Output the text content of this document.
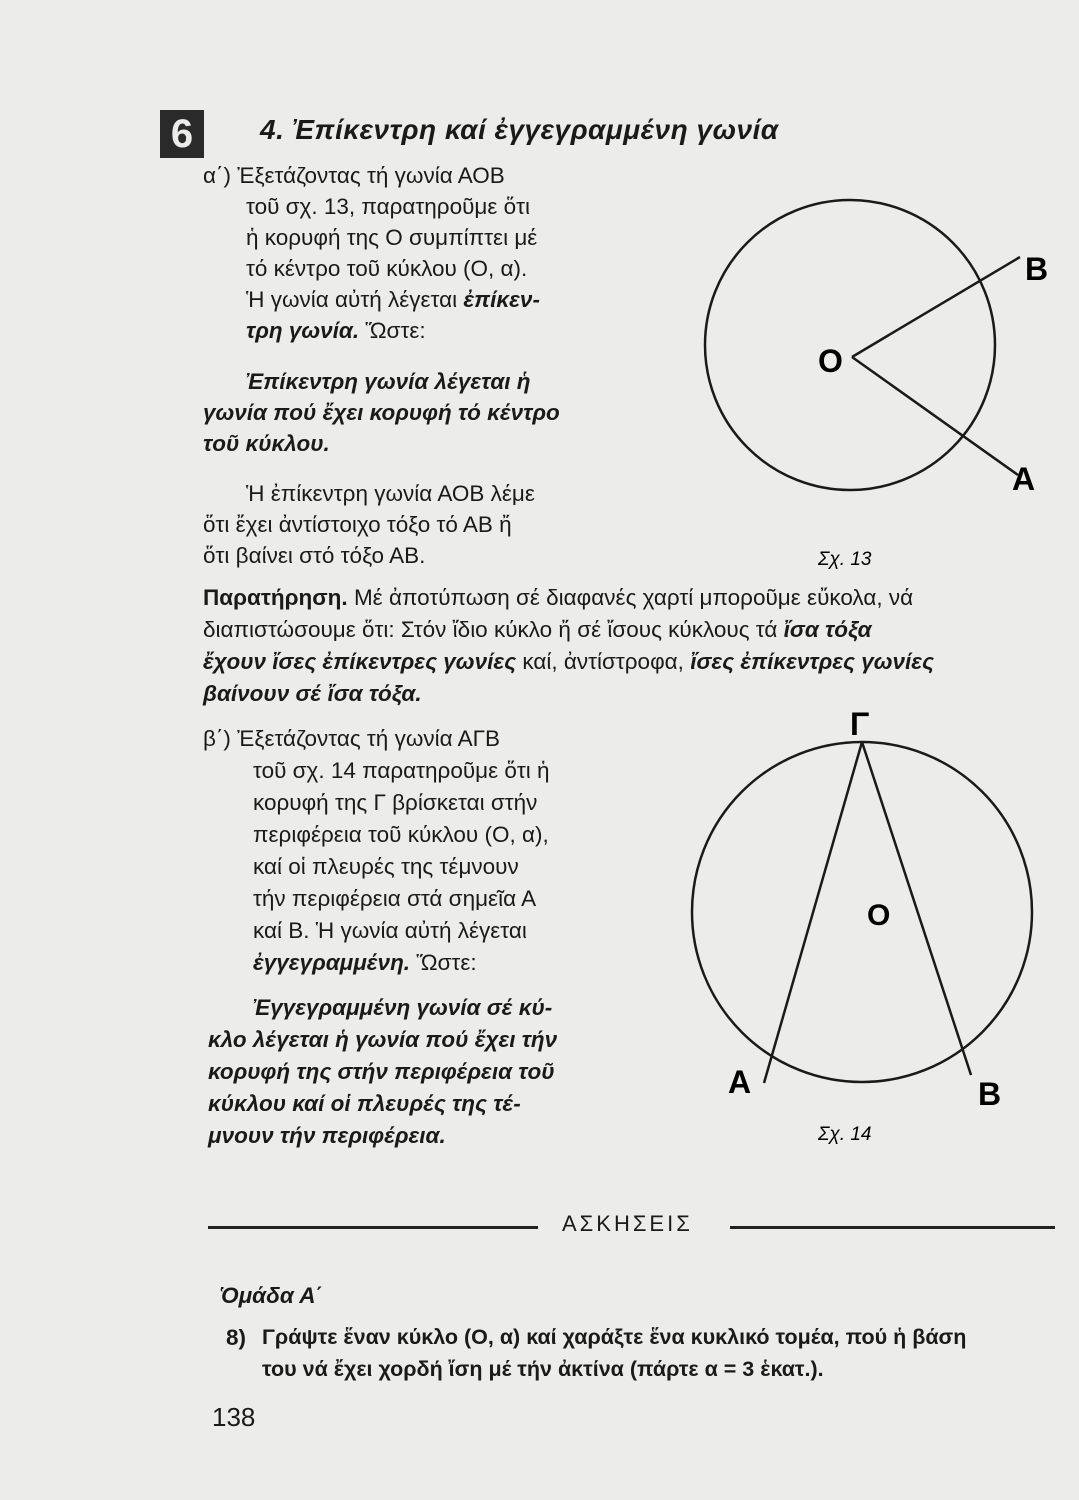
6	4. Ἐπίκεντρη καί ἐγγεγραμμένη γωνία
α΄) Ἐξετάζοντας τή γωνία ΑΟΒ
τοῦ σχ. 13, παρατηροῦμε ὅτι
ἡ κορυφή της Ο συμπίπτει μέ
τό κέντρο τοῦ κύκλου (Ο, α).
Ἡ γωνία αὐτή λέγεται ἐπίκεν-
τρη γωνία. Ὥστε:
Ἐπίκεντρη γωνία λέγεται ἡ
γωνία πού ἔχει κορυφή τό κέντρο
τοῦ κύκλου.
Ἡ ἐπίκεντρη γωνία ΑΟΒ λέμε
ὅτι ἔχει ἀντίστοιχο τόξο τό ΑΒ ἤ
ὅτι βαίνει στό τόξο ΑΒ.
Ο
Β
Α
Σχ. 13
Παρατήρηση. Μέ ἀποτύπωση σέ διαφανές χαρτί μποροῦμε εὔκολα, νά
διαπιστώσουμε ὅτι: Στόν ἴδιο κύκλο ἤ σέ ἴσους κύκλους τά ἴσα τόξα
ἔχουν ἴσες ἐπίκεντρες γωνίες καί, ἀντίστροφα, ἴσες ἐπίκεντρες γωνίες
βαίνουν σέ ἴσα τόξα.
β΄) Ἐξετάζοντας τή γωνία ΑΓΒ
τοῦ σχ. 14 παρατηροῦμε ὅτι ἡ
κορυφή της Γ βρίσκεται στήν
περιφέρεια τοῦ κύκλου (Ο, α),
καί οἱ πλευρές της τέμνουν
τήν περιφέρεια στά σημεῖα Α
καί Β. Ἡ γωνία αὐτή λέγεται
ἐγγεγραμμένη. Ὥστε:
Ἐγγεγραμμένη γωνία σέ κύ-
κλο λέγεται ἡ γωνία πού ἔχει τήν
κορυφή της στήν περιφέρεια τοῦ
κύκλου καί οἱ πλευρές της τέ-
μνουν τήν περιφέρεια.
Γ
Ο
Α	Β
Σχ. 14
ΑΣΚΗΣΕΙΣ
Ὁμάδα Α΄
8) Γράψτε ἕναν κύκλο (Ο, α) καί χαράξτε ἕνα κυκλικό τομέα, πού ἡ βάση
του νά ἔχει χορδή ἴση μέ τήν ἀκτίνα (πάρτε α = 3 ἑκατ.).
138
